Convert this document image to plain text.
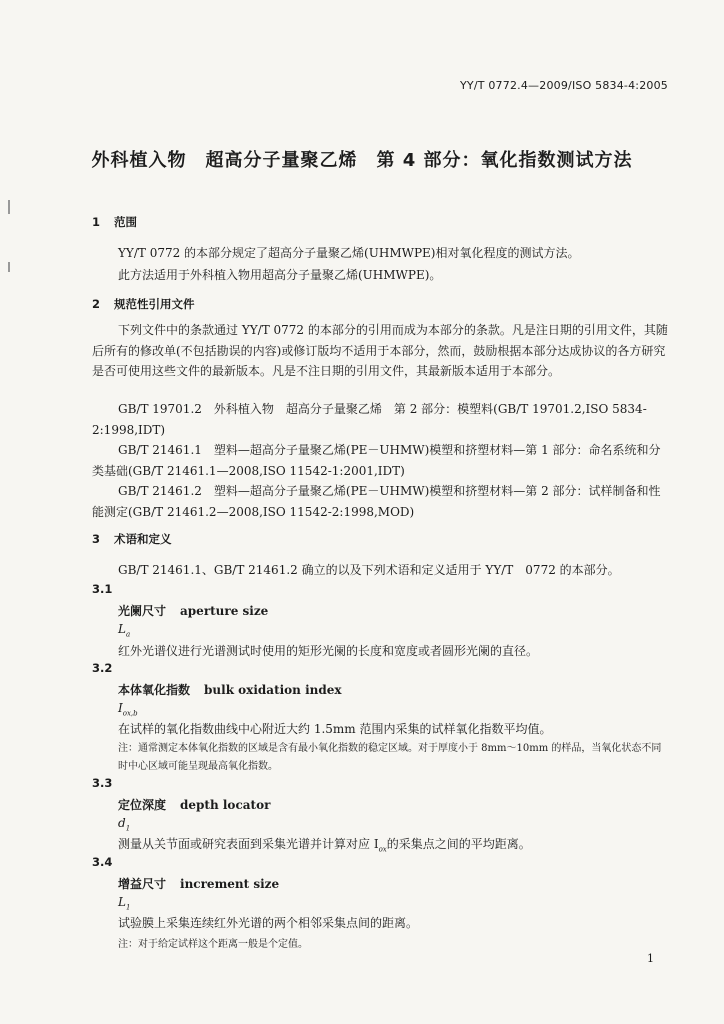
YY/T 0772.4—2009/ISO 5834-4:2005
外科植入物　超高分子量聚乙烯　第 4 部分：氧化指数测试方法
1 范围
YY/T 0772 的本部分规定了超高分子量聚乙烯(UHMWPE)相对氧化程度的测试方法。
此方法适用于外科植入物用超高分子量聚乙烯(UHMWPE)。
2 规范性引用文件
下列文件中的条款通过 YY/T 0772 的本部分的引用而成为本部分的条款。凡是注日期的引用文件，其随后所有的修改单(不包括勘误的内容)或修订版均不适用于本部分，然而，鼓励根据本部分达成协议的各方研究是否可使用这些文件的最新版本。凡是不注日期的引用文件，其最新版本适用于本部分。
GB/T 19701.2　外科植入物　超高分子量聚乙烯　第 2 部分：模塑料(GB/T 19701.2,ISO 5834-2:1998,IDT)
GB/T 21461.1　塑料—超高分子量聚乙烯(PE－UHMW)模塑和挤塑材料—第 1 部分：命名系统和分类基础(GB/T 21461.1—2008,ISO 11542-1:2001,IDT)
GB/T 21461.2　塑料—超高分子量聚乙烯(PE－UHMW)模塑和挤塑材料—第 2 部分：试样制备和性能测定(GB/T 21461.2—2008,ISO 11542-2:1998,MOD)
3 术语和定义
GB/T 21461.1、GB/T 21461.2 确立的以及下列术语和定义适用于 YY/T　0772 的本部分。
3.1
光阑尺寸 aperture size
$L_a$
红外光谱仪进行光谱测试时使用的矩形光阑的长度和宽度或者圆形光阑的直径。
3.2
本体氧化指数 bulk oxidation index
$I_{ox,b}$
在试样的氧化指数曲线中心附近大约 1.5mm 范围内采集的试样氧化指数平均值。
注：通常测定本体氧化指数的区域是含有最小氧化指数的稳定区域。对于厚度小于 8mm～10mm 的样品，当氧化状态不同时中心区域可能呈现最高氧化指数。
3.3
定位深度 depth locator
$d_1$
测量从关节面或研究表面到采集光谱并计算对应 $I_{ox}$的采集点之间的平均距离。
3.4
增益尺寸 increment size
$L_1$
试验膜上采集连续红外光谱的两个相邻采集点间的距离。
注：对于给定试样这个距离一般是个定值。
1
